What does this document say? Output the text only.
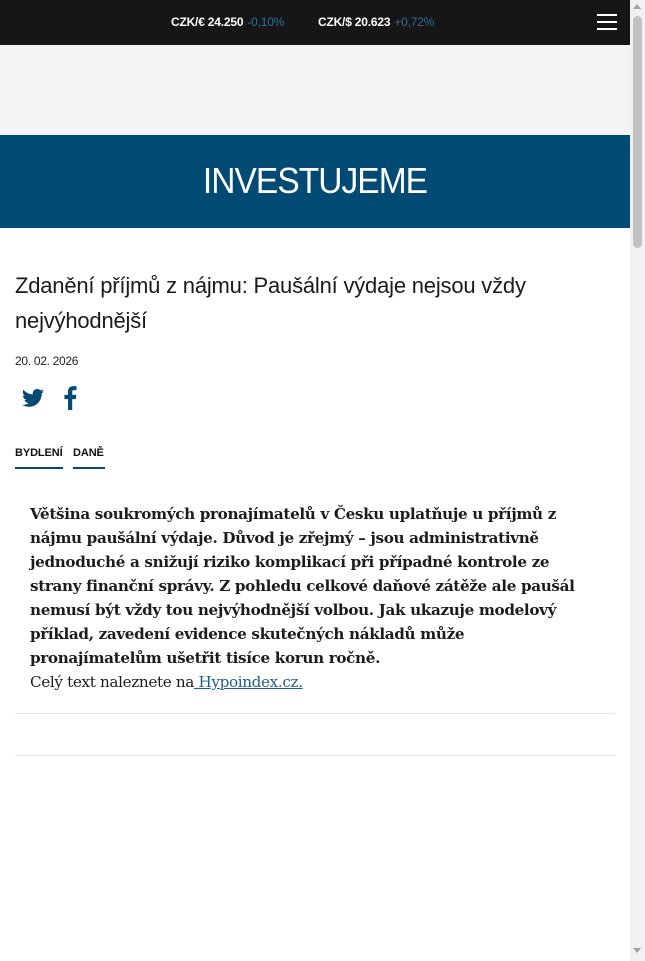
CZK/€ 24.250 -0,10%	CZK/$ 20.623 +0,72%
INVESTUJEME
Zdanění příjmů z nájmu: Paušální výdaje nejsou vždy nejvýhodnější
20. 02. 2026
BYDLENÍ DANĚ

Většina soukromých pronajímatelů v Česku uplatňuje u příjmů z nájmu paušální výdaje. Důvod je zřejmý – jsou administrativně jednoduché a snižují riziko komplikací při případné kontrole ze strany finanční správy. Z pohledu celkové daňové zátěže ale paušál nemusí být vždy tou nejvýhodnější volbou. Jak ukazuje modelový příklad, zavedení evidence skutečných nákladů může pronajímatelům ušetřit tisíce korun ročně.

Celý text naleznete na Hypoindex.cz.
